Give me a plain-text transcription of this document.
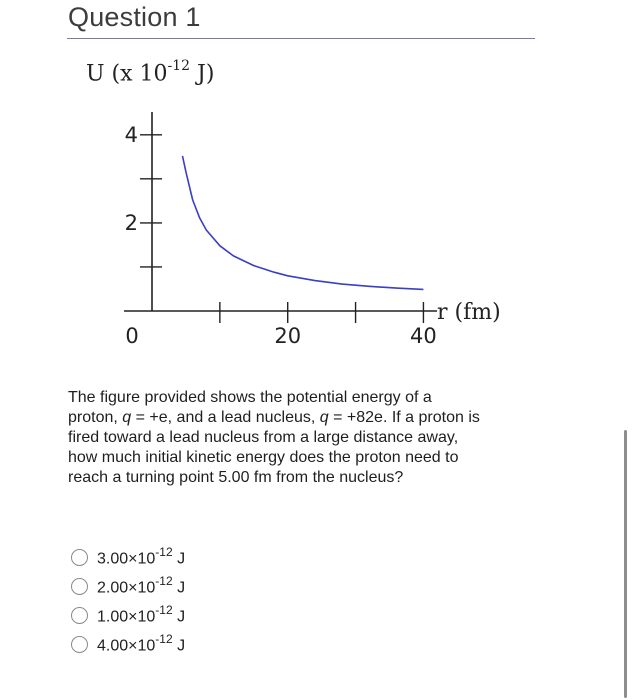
Question 1
U (x $10^{-12}$ J)
2
4
0	20	40
r (fm)
The figure provided shows the potential energy of a
proton, q = +e, and a lead nucleus, q = +82e. If a proton is
fired toward a lead nucleus from a large distance away,
how much initial kinetic energy does the proton need to
reach a turning point 5.00 fm from the nucleus?
$3.00\times 10^{-12}$ J
$2.00\times 10^{-12}$ J
$1.00\times 10^{-12}$ J
$4.00\times 10^{-12}$ J
